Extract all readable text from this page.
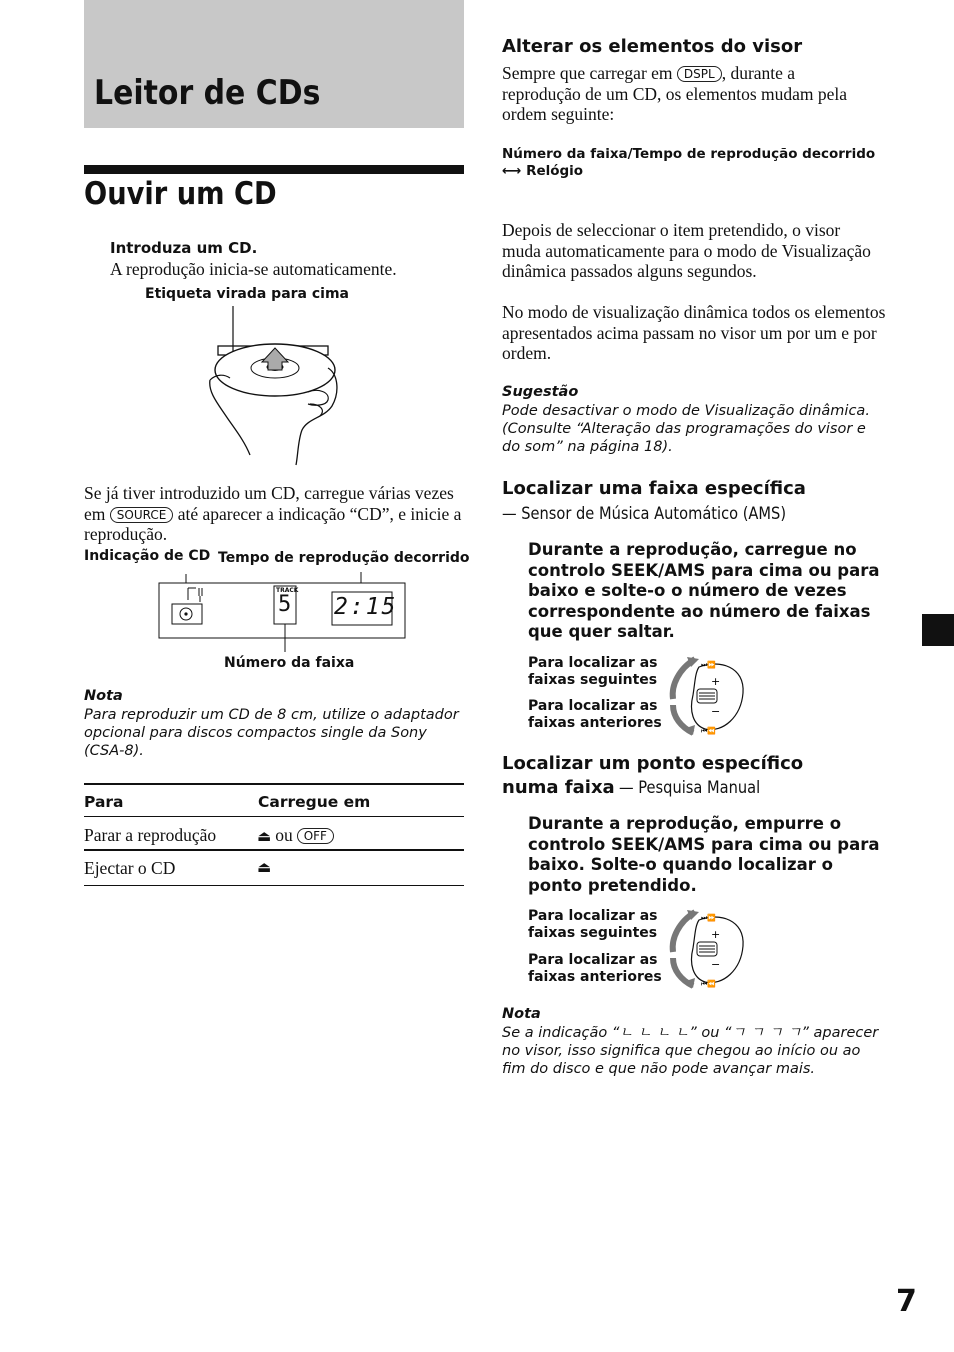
Leitor de CDs
Ouvir um CD
Introduza um CD.
A reprodução inicia-se automaticamente.
Etiqueta virada para cima
Se já tiver introduzido um CD, carregue várias vezes em SOURCE até aparecer a indicação “CD”, e inicie a reprodução.
Indicação de CD Tempo de reprodução decorrido
TRACK
5 2:15
Número da faixa
Nota
Para reproduzir um CD de 8 cm, utilize o adaptador opcional para discos compactos single da Sony (CSA-8).
Para	Carregue em
Parar a reprodução	⏏ ou OFF
Ejectar o CD	⏏
Alterar os elementos do visor
Sempre que carregar em DSPL , durante a reprodução de um CD, os elementos mudam pela ordem seguinte:
Número da faixa/Tempo de reprodução decorrido
⟷ Relógio
Depois de seleccionar o item pretendido, o visor muda automaticamente para o modo de Visualização dinâmica passados alguns segundos.
No modo de visualização dinâmica todos os elementos apresentados acima passam no visor um por um e por ordem.
Sugestão
Pode desactivar o modo de Visualização dinâmica. (Consulte “Alteração das programações do visor e do som” na página 18).
Localizar uma faixa específica
— Sensor de Música Automático (AMS)
Durante a reprodução, carregue no controlo SEEK/AMS para cima ou para baixo e solte-o o número de vezes correspondente ao número de faixas que quer saltar.
Para localizar as faixas seguintes
Para localizar as faixas anteriores
+
−
⏭⏩
⏮⏪
Localizar um ponto específico
numa faixa — Pesquisa Manual
Durante a reprodução, empurre o controlo SEEK/AMS para cima ou para baixo. Solte-o quando localizar o ponto pretendido.
Para localizar as faixas seguintes
Para localizar as faixas anteriores
+
−
⏭⏩
⏮⏪
Nota
Se a indicação “ㄴ ㄴ ㄴ ㄴ” ou “ㄱ ㄱ ㄱ ㄱ” aparecer no visor, isso significa que chegou ao início ou ao fim do disco e que não pode avançar mais.
7
